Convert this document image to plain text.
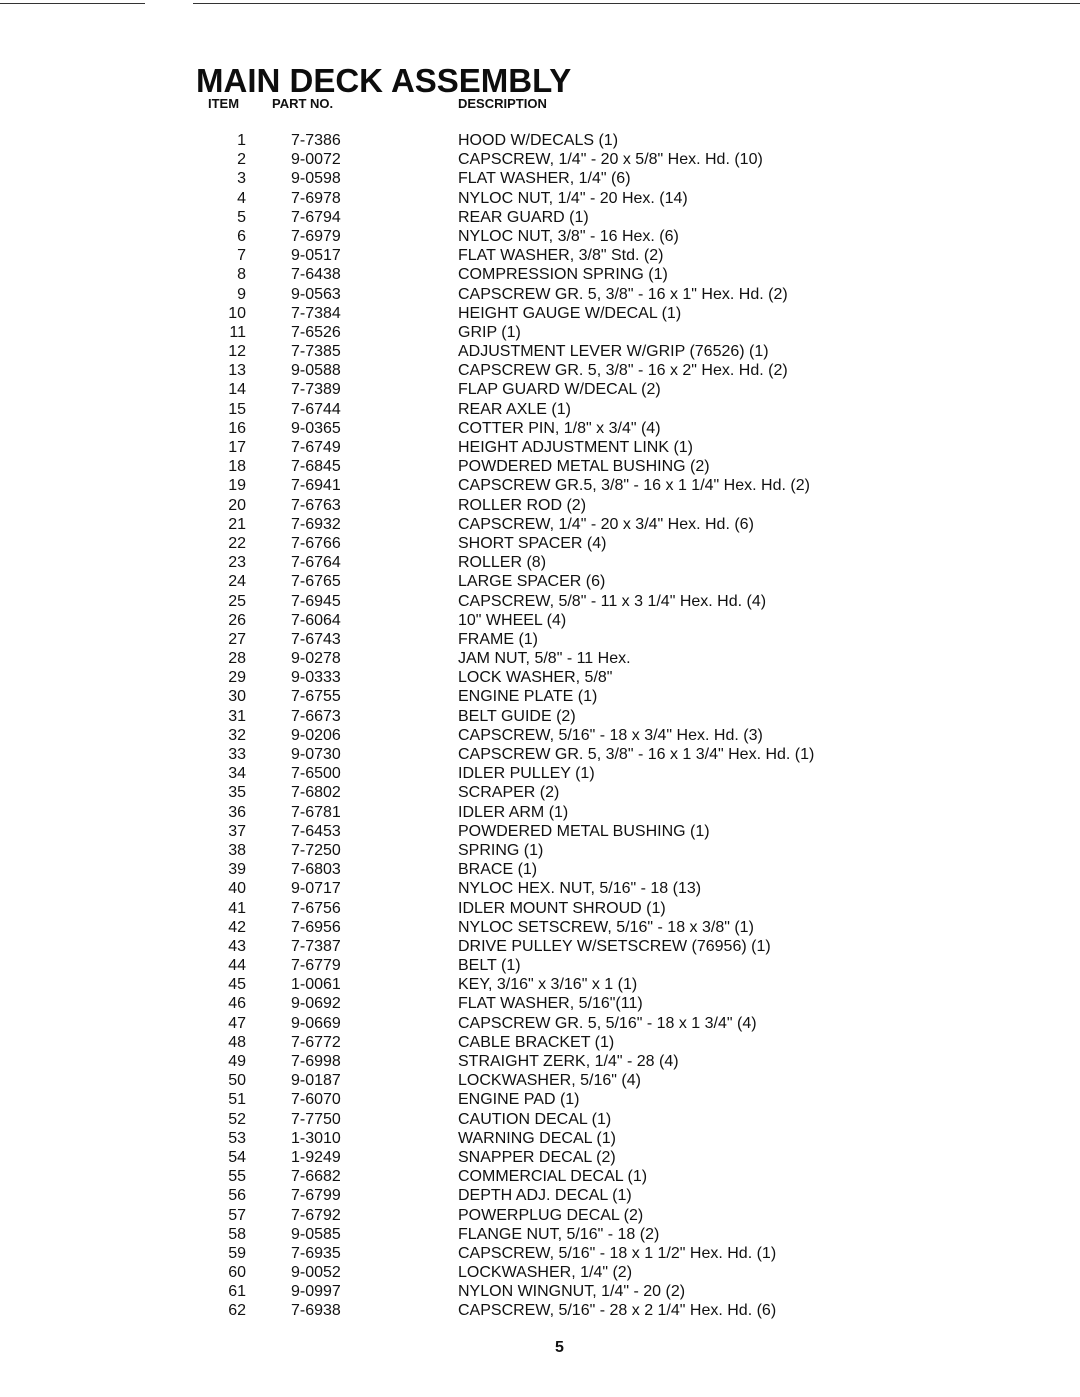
MAIN DECK ASSEMBLY
ITEM	PART NO.	DESCRIPTION
1	7-7386	HOOD W/DECALS (1)
2	9-0072	CAPSCREW, 1/4" - 20 x 5/8" Hex. Hd. (10)
3	9-0598	FLAT WASHER, 1/4" (6)
4	7-6978	NYLOC NUT, 1/4" - 20 Hex. (14)
5	7-6794	REAR GUARD (1)
6	7-6979	NYLOC NUT, 3/8" - 16 Hex. (6)
7	9-0517	FLAT WASHER, 3/8" Std. (2)
8	7-6438	COMPRESSION SPRING (1)
9	9-0563	CAPSCREW GR. 5, 3/8" - 16 x 1" Hex. Hd. (2)
10	7-7384	HEIGHT GAUGE W/DECAL (1)
11	7-6526	GRIP (1)
12	7-7385	ADJUSTMENT LEVER W/GRIP (76526) (1)
13	9-0588	CAPSCREW GR. 5, 3/8" - 16 x 2" Hex. Hd. (2)
14	7-7389	FLAP GUARD W/DECAL (2)
15	7-6744	REAR AXLE (1)
16	9-0365	COTTER PIN, 1/8" x 3/4" (4)
17	7-6749	HEIGHT ADJUSTMENT LINK (1)
18	7-6845	POWDERED METAL BUSHING (2)
19	7-6941	CAPSCREW GR.5, 3/8" - 16 x 1 1/4" Hex. Hd. (2)
20	7-6763	ROLLER ROD (2)
21	7-6932	CAPSCREW, 1/4" - 20 x 3/4" Hex. Hd. (6)
22	7-6766	SHORT SPACER (4)
23	7-6764	ROLLER (8)
24	7-6765	LARGE SPACER (6)
25	7-6945	CAPSCREW, 5/8" - 11 x 3 1/4" Hex. Hd. (4)
26	7-6064	10" WHEEL (4)
27	7-6743	FRAME (1)
28	9-0278	JAM NUT, 5/8" - 11 Hex.
29	9-0333	LOCK WASHER, 5/8"
30	7-6755	ENGINE PLATE (1)
31	7-6673	BELT GUIDE (2)
32	9-0206	CAPSCREW, 5/16" - 18 x 3/4" Hex. Hd. (3)
33	9-0730	CAPSCREW GR. 5, 3/8" - 16 x 1 3/4" Hex. Hd. (1)
34	7-6500	IDLER PULLEY (1)
35	7-6802	SCRAPER (2)
36	7-6781	IDLER ARM (1)
37	7-6453	POWDERED METAL BUSHING (1)
38	7-7250	SPRING (1)
39	7-6803	BRACE (1)
40	9-0717	NYLOC HEX. NUT, 5/16" - 18 (13)
41	7-6756	IDLER MOUNT SHROUD (1)
42	7-6956	NYLOC SETSCREW, 5/16" - 18 x 3/8" (1)
43	7-7387	DRIVE PULLEY W/SETSCREW (76956) (1)
44	7-6779	BELT (1)
45	1-0061	KEY, 3/16" x 3/16" x 1 (1)
46	9-0692	FLAT WASHER, 5/16"(11)
47	9-0669	CAPSCREW GR. 5, 5/16" - 18 x 1 3/4" (4)
48	7-6772	CABLE BRACKET (1)
49	7-6998	STRAIGHT ZERK, 1/4" - 28 (4)
50	9-0187	LOCKWASHER, 5/16" (4)
51	7-6070	ENGINE PAD (1)
52	7-7750	CAUTION DECAL (1)
53	1-3010	WARNING DECAL (1)
54	1-9249	SNAPPER DECAL (2)
55	7-6682	COMMERCIAL DECAL (1)
56	7-6799	DEPTH ADJ. DECAL (1)
57	7-6792	POWERPLUG DECAL (2)
58	9-0585	FLANGE NUT, 5/16" - 18 (2)
59	7-6935	CAPSCREW, 5/16" - 18 x 1 1/2" Hex. Hd. (1)
60	9-0052	LOCKWASHER, 1/4" (2)
61	9-0997	NYLON WINGNUT, 1/4" - 20 (2)
62	7-6938	CAPSCREW, 5/16" - 28 x 2 1/4" Hex. Hd. (6)
5
